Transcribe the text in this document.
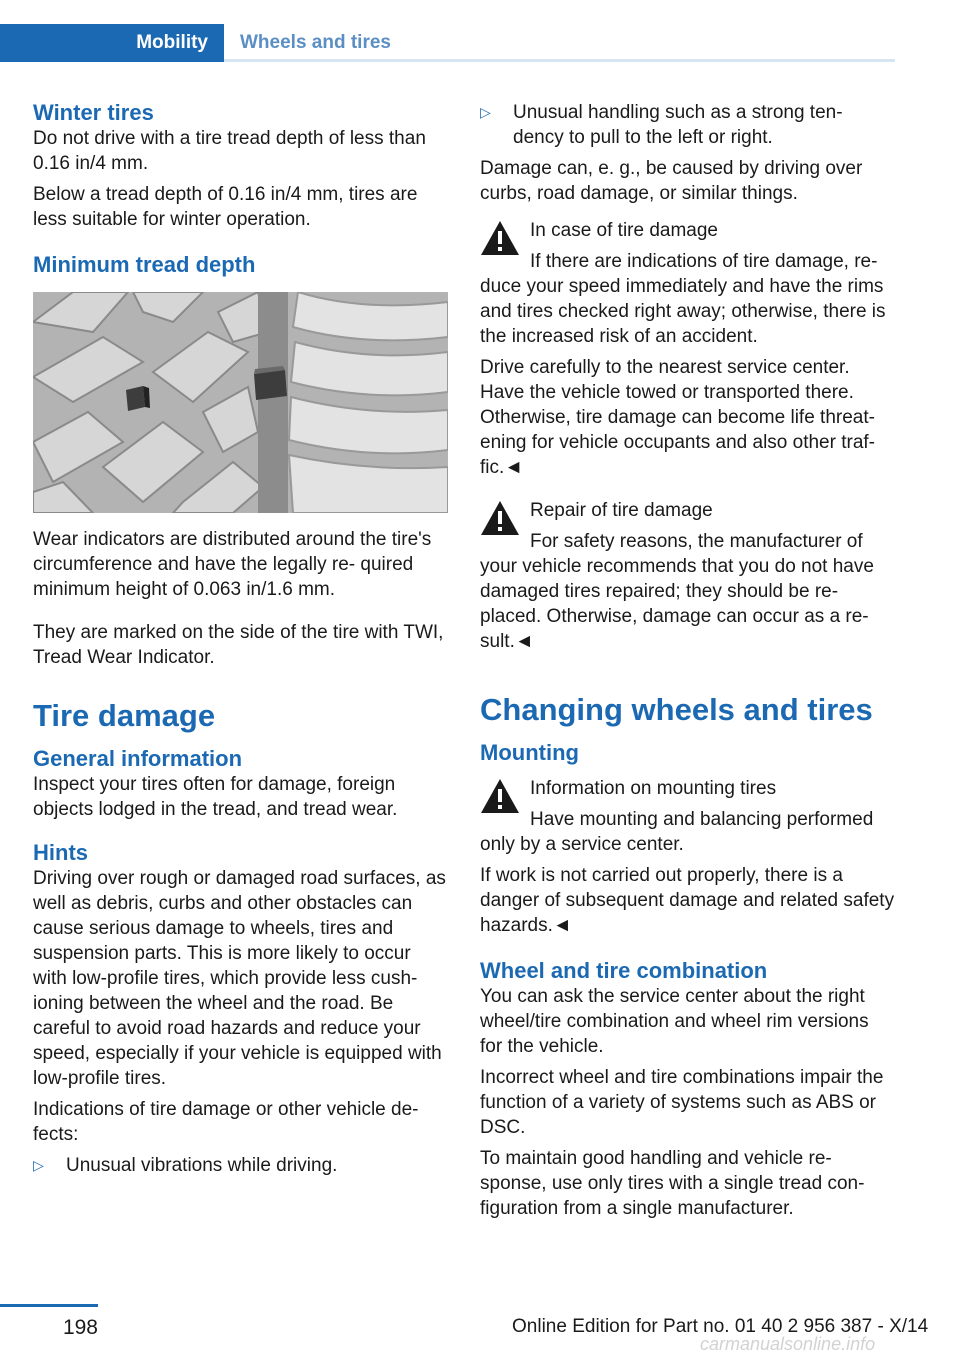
Mobility	Wheels and tires
Winter tires

Do not drive with a tire tread depth of less than 0.16 in/4 mm.

Below a tread depth of 0.16 in/4 mm, tires are less suitable for winter operation.

Minimum tread depth

Wear indicators are distributed around the tire's circumference and have the legally re‐ quired minimum height of 0.063 in/1.6 mm.

They are marked on the side of the tire with TWI, Tread Wear Indicator.

Tire damage
General information

Inspect your tires often for damage, foreign objects lodged in the tread, and tread wear.

Hints

Driving over rough or damaged road surfaces, as well as debris, curbs and other obstacles can cause serious damage to wheels, tires and suspension parts. This is more likely to occur with low-profile tires, which provide less cush‐ ioning between the wheel and the road. Be careful to avoid road hazards and reduce your speed, especially if your vehicle is equipped with low-profile tires.

Indications of tire damage or other vehicle de‐ fects:

▷	Unusual vibrations while driving.
▷	Unusual handling such as a strong ten‐ dency to pull to the left or right.

Damage can, e. g., be caused by driving over curbs, road damage, or similar things.

In case of tire damage

If there are indications of tire damage, re‐
duce your speed immediately and have the rims and tires checked right away; otherwise, there is the increased risk of an accident.

Drive carefully to the nearest service center. Have the vehicle towed or transported there. Otherwise, tire damage can become life threat‐ ening for vehicle occupants and also other traf‐ fic.◄

Repair of tire damage

For safety reasons, the manufacturer of
your vehicle recommends that you do not have damaged tires repaired; they should be re‐ placed. Otherwise, damage can occur as a re‐ sult.◄

Changing wheels and tires
Mounting
Information on mounting tires

Have mounting and balancing performed
only by a service center.

If work is not carried out properly, there is a danger of subsequent damage and related safety hazards.◄

Wheel and tire combination

You can ask the service center about the right wheel/tire combination and wheel rim versions for the vehicle.

Incorrect wheel and tire combinations impair the function of a variety of systems such as ABS or DSC.

To maintain good handling and vehicle re‐ sponse, use only tires with a single tread con‐ figuration from a single manufacturer.

198	Online Edition for Part no. 01 40 2 956 387 - X/14
carmanualsonline.info
